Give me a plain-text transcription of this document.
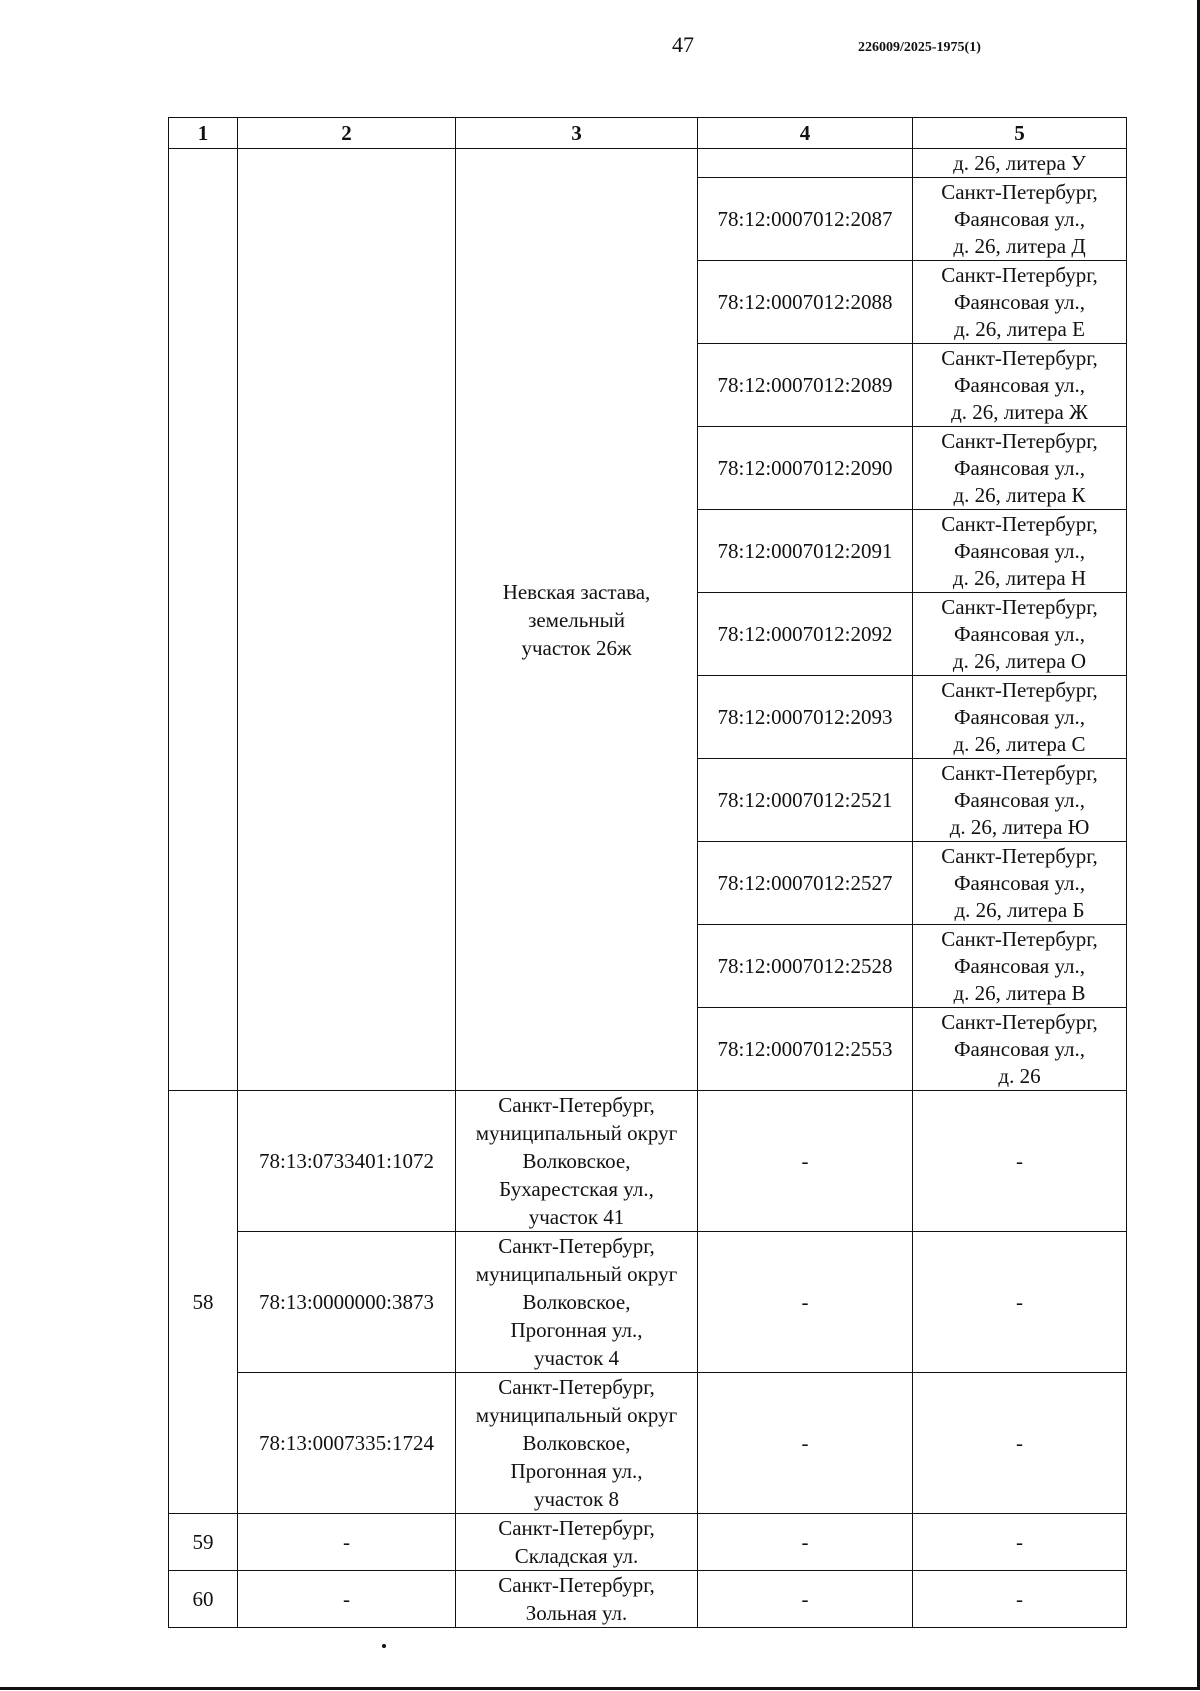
47	226009/2025-1975(1)
1	2	3	4	5

		Невская застава,
земельный
участок 26ж		д. 26, литера У
			78:12:0007012:2087	Санкт-Петербург,
Фаянсовая ул.,
д. 26, литера Д

			78:12:0007012:2088	Санкт-Петербург,
Фаянсовая ул.,
д. 26, литера Е

			78:12:0007012:2089	Санкт-Петербург,
Фаянсовая ул.,
д. 26, литера Ж

			78:12:0007012:2090	Санкт-Петербург,
Фаянсовая ул.,
д. 26, литера К

			78:12:0007012:2091	Санкт-Петербург,
Фаянсовая ул.,
д. 26, литера Н

			78:12:0007012:2092	Санкт-Петербург,
Фаянсовая ул.,
д. 26, литера О

			78:12:0007012:2093	Санкт-Петербург,
Фаянсовая ул.,
д. 26, литера С

			78:12:0007012:2521	Санкт-Петербург,
Фаянсовая ул.,
д. 26, литера Ю

			78:12:0007012:2527	Санкт-Петербург,
Фаянсовая ул.,
д. 26, литера Б

			78:12:0007012:2528	Санкт-Петербург,
Фаянсовая ул.,
д. 26, литера В

			78:12:0007012:2553	Санкт-Петербург,
Фаянсовая ул.,
д. 26

58	78:13:0733401:1072	Санкт-Петербург,
муниципальный округ
Волковское,
Бухарестская ул.,
участок 41	-	-
	78:13:0000000:3873	Санкт-Петербург,
муниципальный округ
Волковское,
Прогонная ул.,
участок 4	-	-
	78:13:0007335:1724	Санкт-Петербург,
муниципальный округ
Волковское,
Прогонная ул.,
участок 8	-	-
59	-	Санкт-Петербург,
Складская ул.	-	-
60	-	Санкт-Петербург,
Зольная ул.	-	-
